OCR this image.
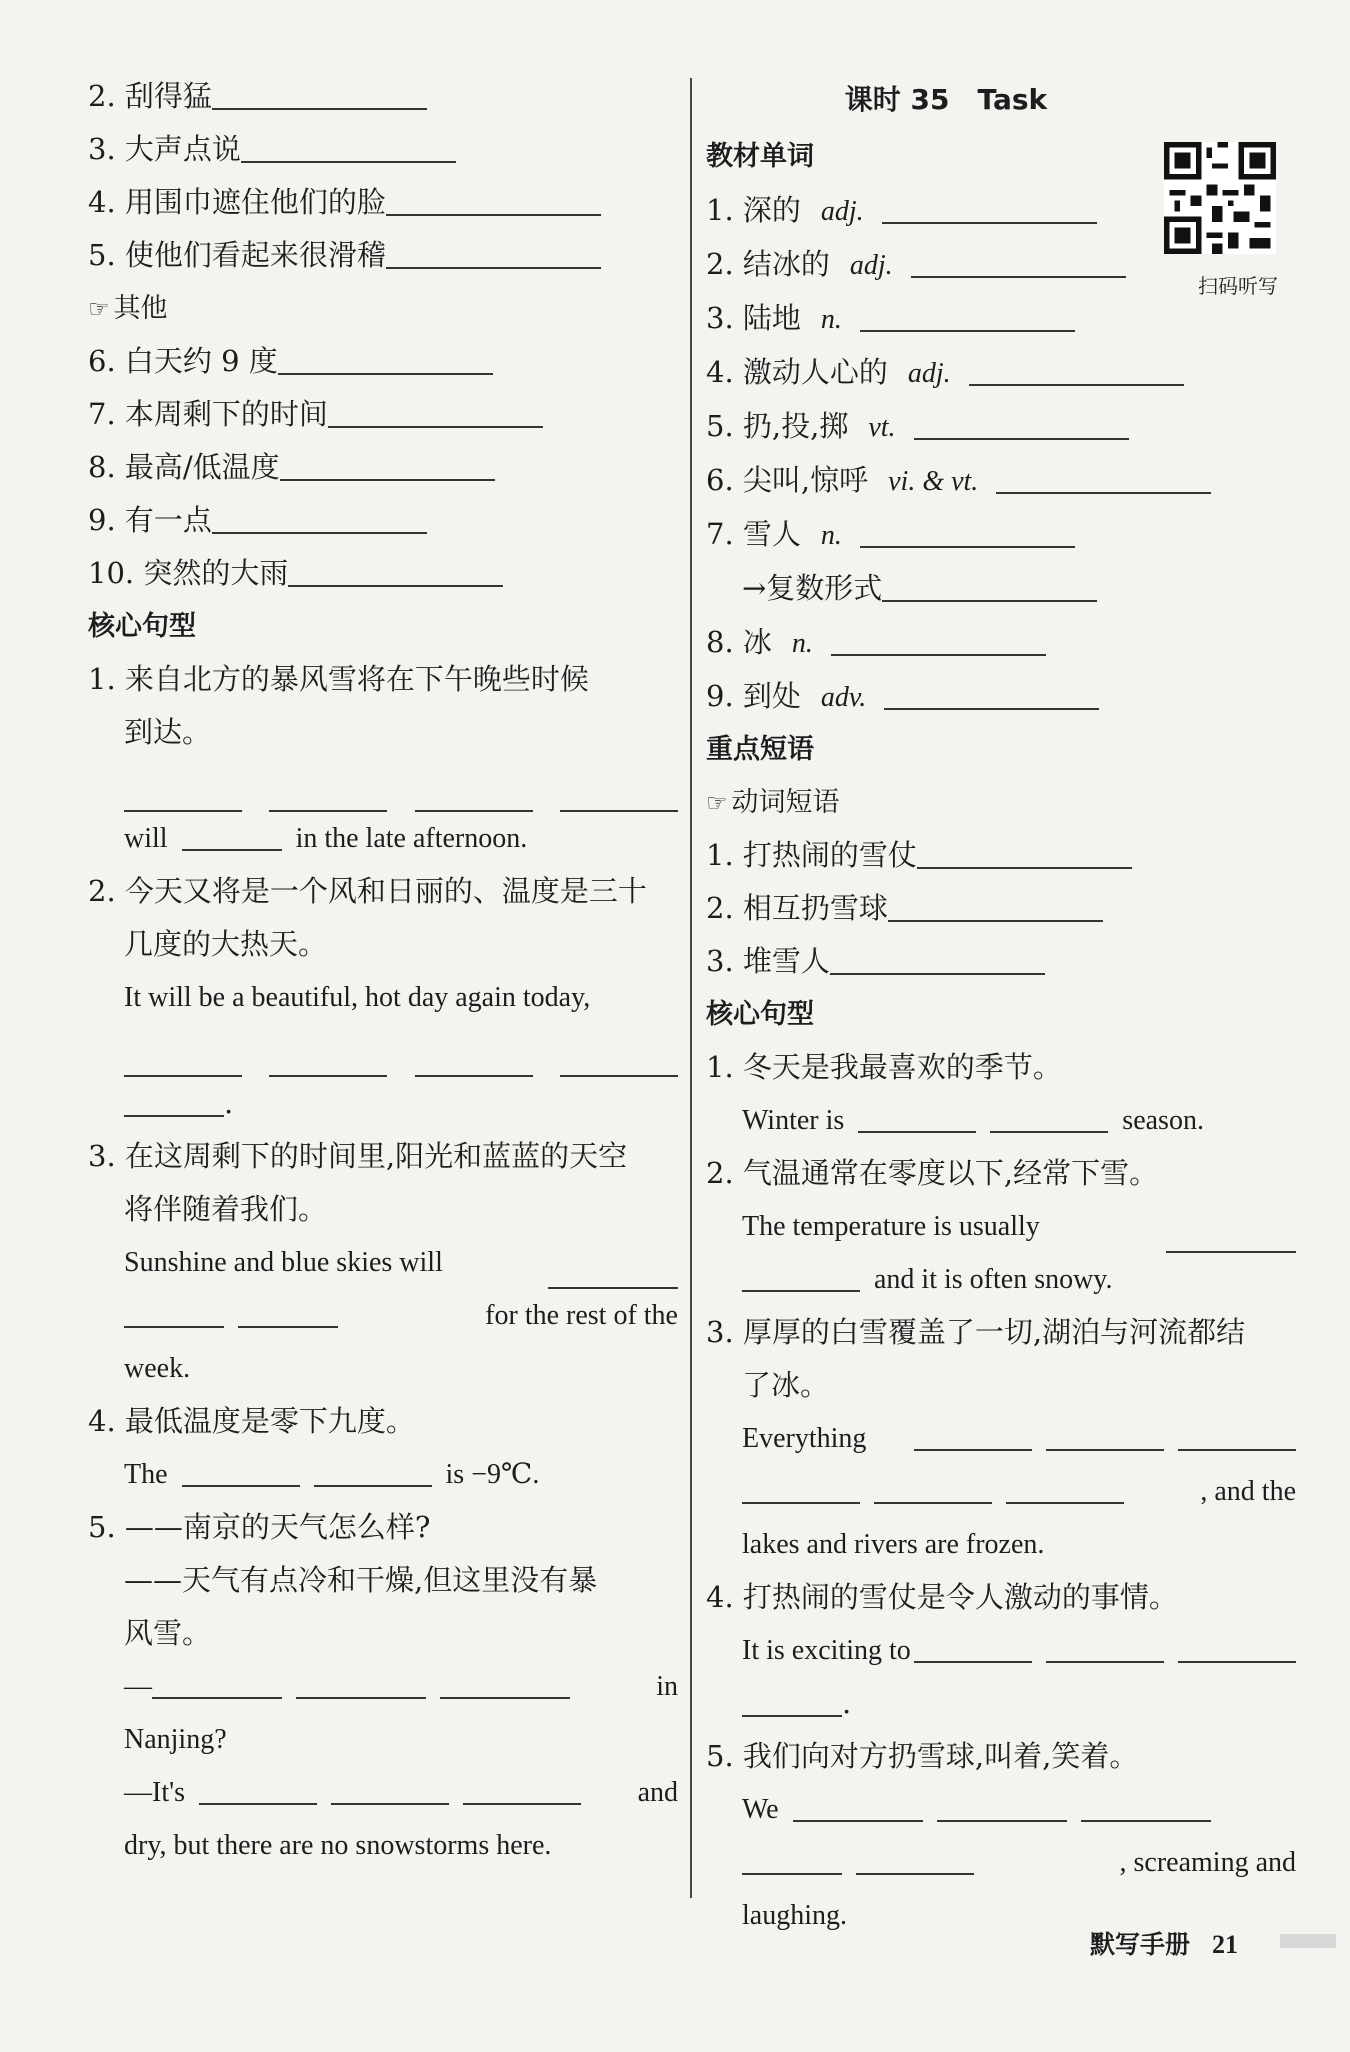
2. 刮得猛
3. 大声点说
4. 用围巾遮住他们的脸
5. 使他们看起来很滑稽
☞ 其他
6. 白天约 9 度
7. 本周剩下的时间
8. 最高/低温度
9. 有一点
10. 突然的大雨
核心句型
1. 来自北方的暴风雪将在下午晚些时候
到达。
will	in the late afternoon.
2. 今天又将是一个风和日丽的、温度是三十
几度的大热天。
It will be a beautiful, hot day again today,
.
3. 在这周剩下的时间里,阳光和蓝蓝的天空
将伴随着我们。
Sunshine and blue skies will
for the rest of the
week.
4. 最低温度是零下九度。
The	is −9℃.
5. ——南京的天气怎么样?
——天气有点冷和干燥,但这里没有暴
风雪。
—	in
Nanjing?
—It's	and
dry, but there are no snowstorms here.
课时 35　Task
扫码听写
教材单词
1. 深的 adj.
2. 结冰的 adj.
3. 陆地 n.
4. 激动人心的 adj.
5. 扔,投,掷 vt.
6. 尖叫,惊呼 vi. & vt.
7. 雪人 n.
→复数形式
8. 冰 n.
9. 到处 adv.
重点短语
☞ 动词短语
1. 打热闹的雪仗
2. 相互扔雪球
3. 堆雪人
核心句型
1. 冬天是我最喜欢的季节。
Winter is	season.
2. 气温通常在零度以下,经常下雪。
The temperature is usually
and it is often snowy.
3. 厚厚的白雪覆盖了一切,湖泊与河流都结
了冰。
Everything
, and the
lakes and rivers are frozen.
4. 打热闹的雪仗是令人激动的事情。
It is exciting to
.
5. 我们向对方扔雪球,叫着,笑着。
We
, screaming and
laughing.
默写手册 21
